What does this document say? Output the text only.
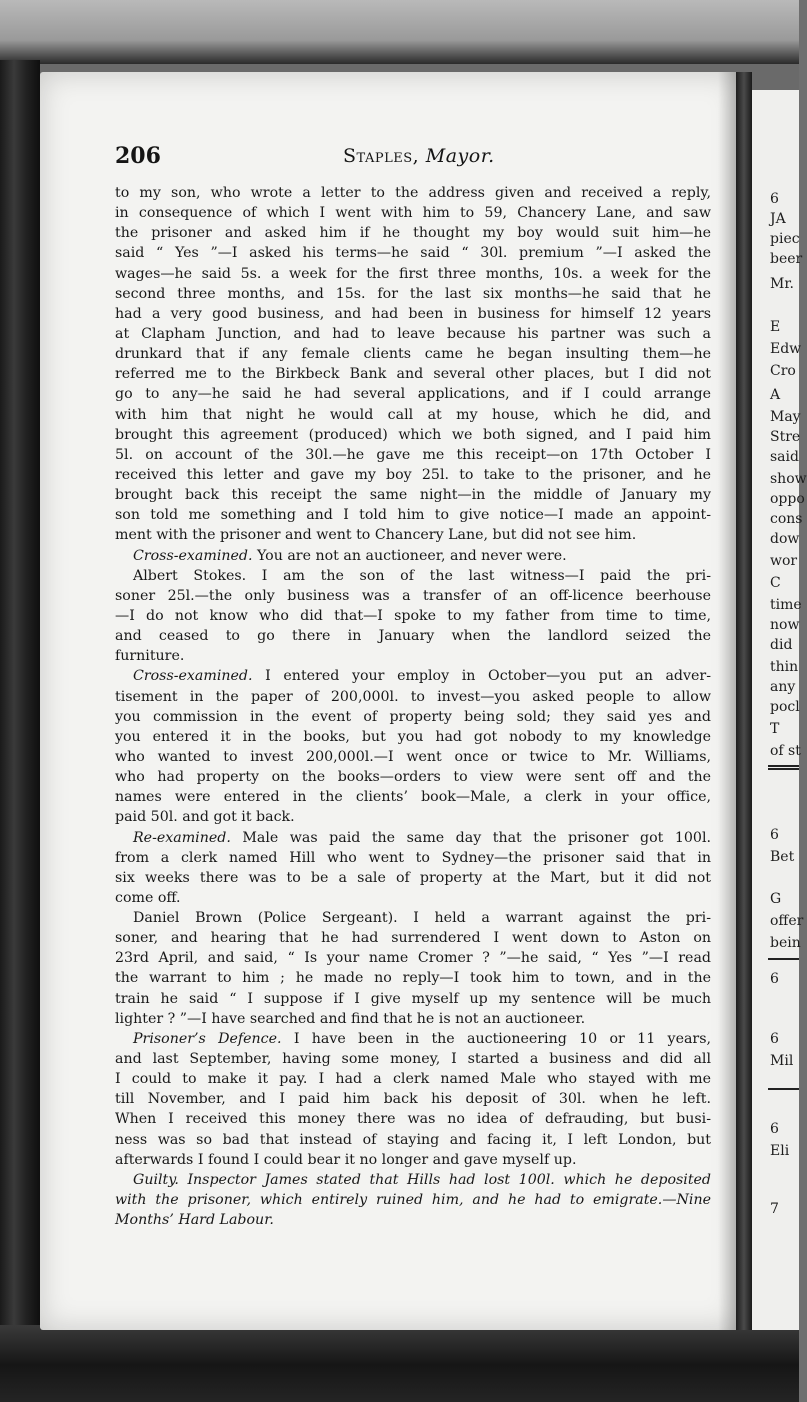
206	Staples, Mayor.
to my son, who wrote a letter to the address given and received a reply,
in consequence of which I went with him to 59, Chancery Lane, and saw
the prisoner and asked him if he thought my boy would suit him—he
said “ Yes ”—I asked his terms—he said “ 30l. premium ”—I asked the
wages—he said 5s. a week for the first three months, 10s. a week for the
second three months, and 15s. for the last six months—he said that he
had a very good business, and had been in business for himself 12 years
at Clapham Junction, and had to leave because his partner was such a
drunkard that if any female clients came he began insulting them—he
referred me to the Birkbeck Bank and several other places, but I did not
go to any—he said he had several applications, and if I could arrange
with him that night he would call at my house, which he did, and
brought this agreement (produced) which we both signed, and I paid him
5l. on account of the 30l.—he gave me this receipt—on 17th October I
received this letter and gave my boy 25l. to take to the prisoner, and he
brought back this receipt the same night—in the middle of January my
son told me something and I told him to give notice—I made an appoint-
ment with the prisoner and went to Chancery Lane, but did not see him.
Cross-examined. You are not an auctioneer, and never were.
Albert Stokes. I am the son of the last witness—I paid the pri-
soner 25l.—the only business was a transfer of an off-licence beerhouse
—I do not know who did that—I spoke to my father from time to time,
and ceased to go there in January when the landlord seized the
furniture.
Cross-examined. I entered your employ in October—you put an adver-
tisement in the paper of 200,000l. to invest—you asked people to allow
you commission in the event of property being sold; they said yes and
you entered it in the books, but you had got nobody to my knowledge
who wanted to invest 200,000l.—I went once or twice to Mr. Williams,
who had property on the books—orders to view were sent off and the
names were entered in the clients’ book—Male, a clerk in your office,
paid 50l. and got it back.
Re-examined. Male was paid the same day that the prisoner got 100l.
from a clerk named Hill who went to Sydney—the prisoner said that in
six weeks there was to be a sale of property at the Mart, but it did not
come off.
Daniel Brown (Police Sergeant). I held a warrant against the pri-
soner, and hearing that he had surrendered I went down to Aston on
23rd April, and said, “ Is your name Cromer ? ”—he said, “ Yes ”—I read
the warrant to him ; he made no reply—I took him to town, and in the
train he said “ I suppose if I give myself up my sentence will be much
lighter ? ”—I have searched and find that he is not an auctioneer.
Prisoner’s Defence. I have been in the auctioneering 10 or 11 years,
and last September, having some money, I started a business and did all
I could to make it pay. I had a clerk named Male who stayed with me
till November, and I paid him back his deposit of 30l. when he left.
When I received this money there was no idea of defrauding, but busi-
ness was so bad that instead of staying and facing it, I left London, but
afterwards I found I could bear it no longer and gave myself up.
Guilty. Inspector James stated that Hills had lost 100l. which he deposited
with the prisoner, which entirely ruined him, and he had to emigrate.—Nine
Months’ Hard Labour.
6
JA
piec
beer
Mr.
E
Edw
Cro
A
May
Stre
said
show
oppo
cons
dow
wor
C
time
now
did
thin
any
pocl
T
of st
6
Bet
G
offer
bein
6
6
Mil
6
Eli
7
